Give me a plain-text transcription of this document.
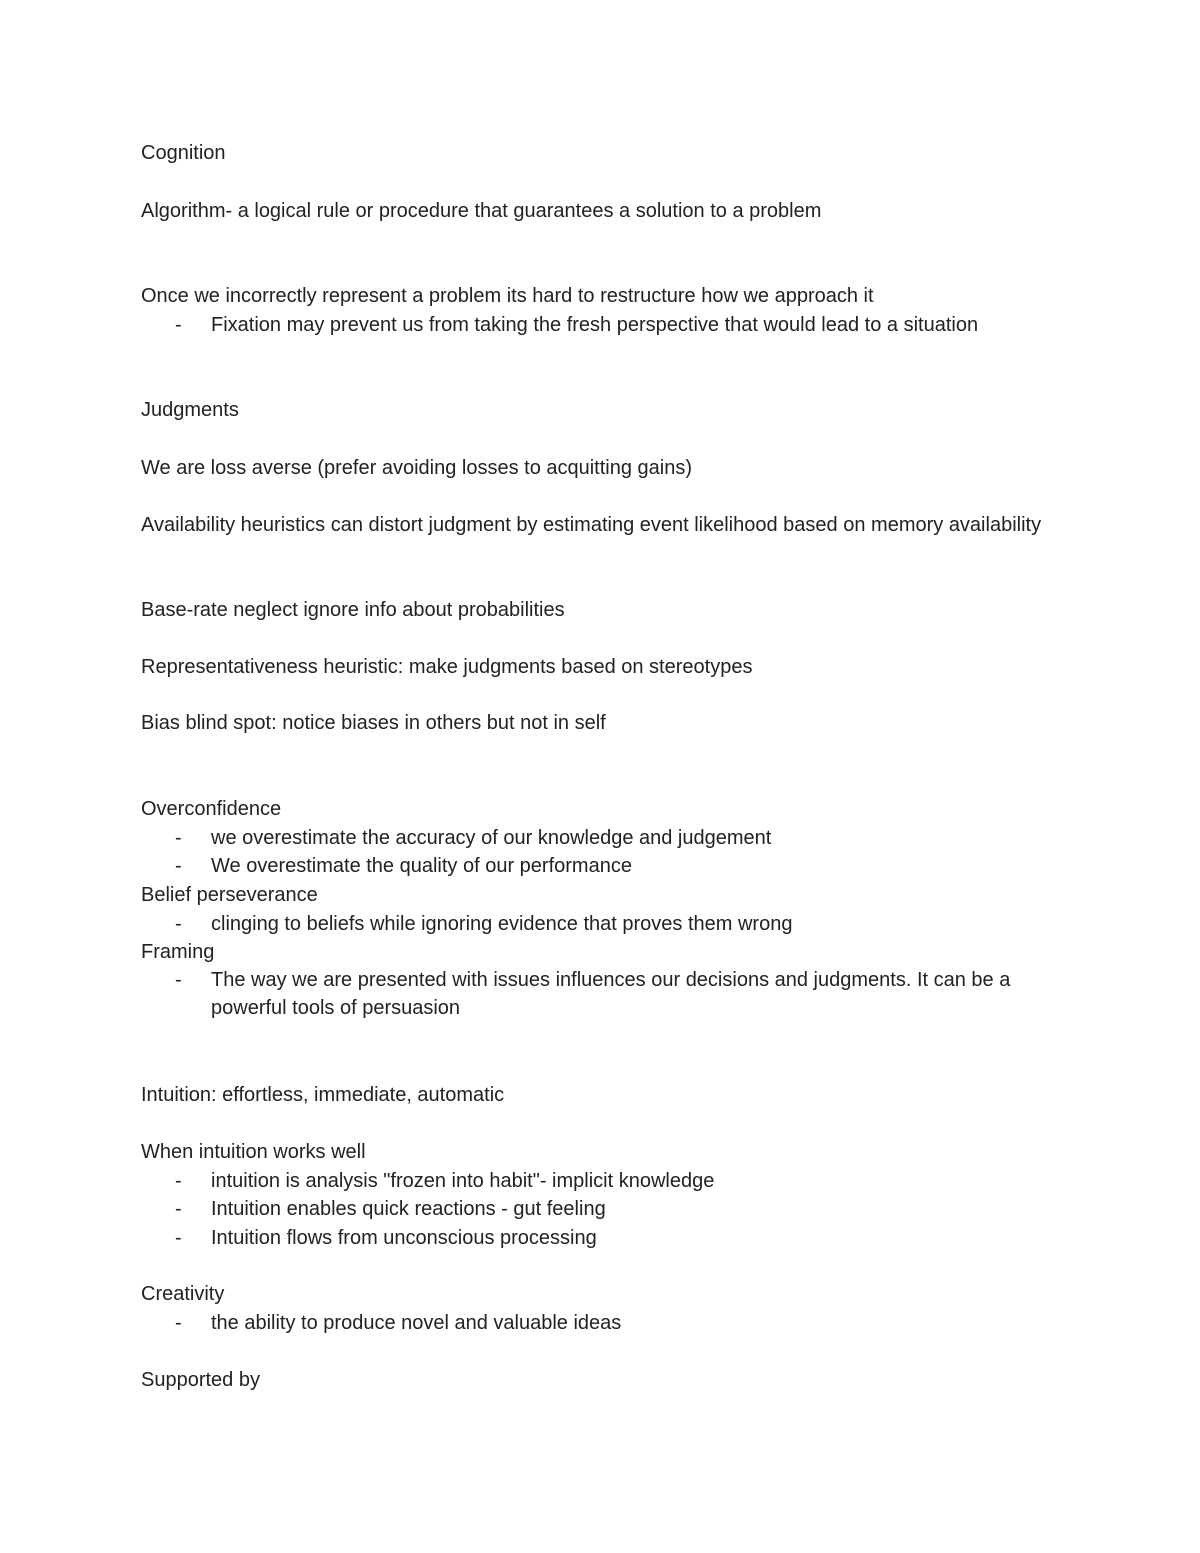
Cognition
Algorithm- a logical rule or procedure that guarantees a solution to a problem
Once we incorrectly represent a problem its hard to restructure how we approach it
- Fixation may prevent us from taking the fresh perspective that would lead to a situation
Judgments
We are loss averse (prefer avoiding losses to acquitting gains)
Availability heuristics can distort judgment by estimating event likelihood based on memory availability
Base-rate neglect ignore info about probabilities
Representativeness heuristic: make judgments based on stereotypes
Bias blind spot: notice biases in others but not in self
Overconfidence
- we overestimate the accuracy of our knowledge and judgement
- We overestimate the quality of our performance
Belief perseverance
- clinging to beliefs while ignoring evidence that proves them wrong
Framing
- The way we are presented with issues influences our decisions and judgments. It can be a powerful tools of persuasion
Intuition: effortless, immediate, automatic
When intuition works well
- intuition is analysis "frozen into habit"- implicit knowledge
- Intuition enables quick reactions - gut feeling
- Intuition flows from unconscious processing
Creativity
- the ability to produce novel and valuable ideas
Supported by
